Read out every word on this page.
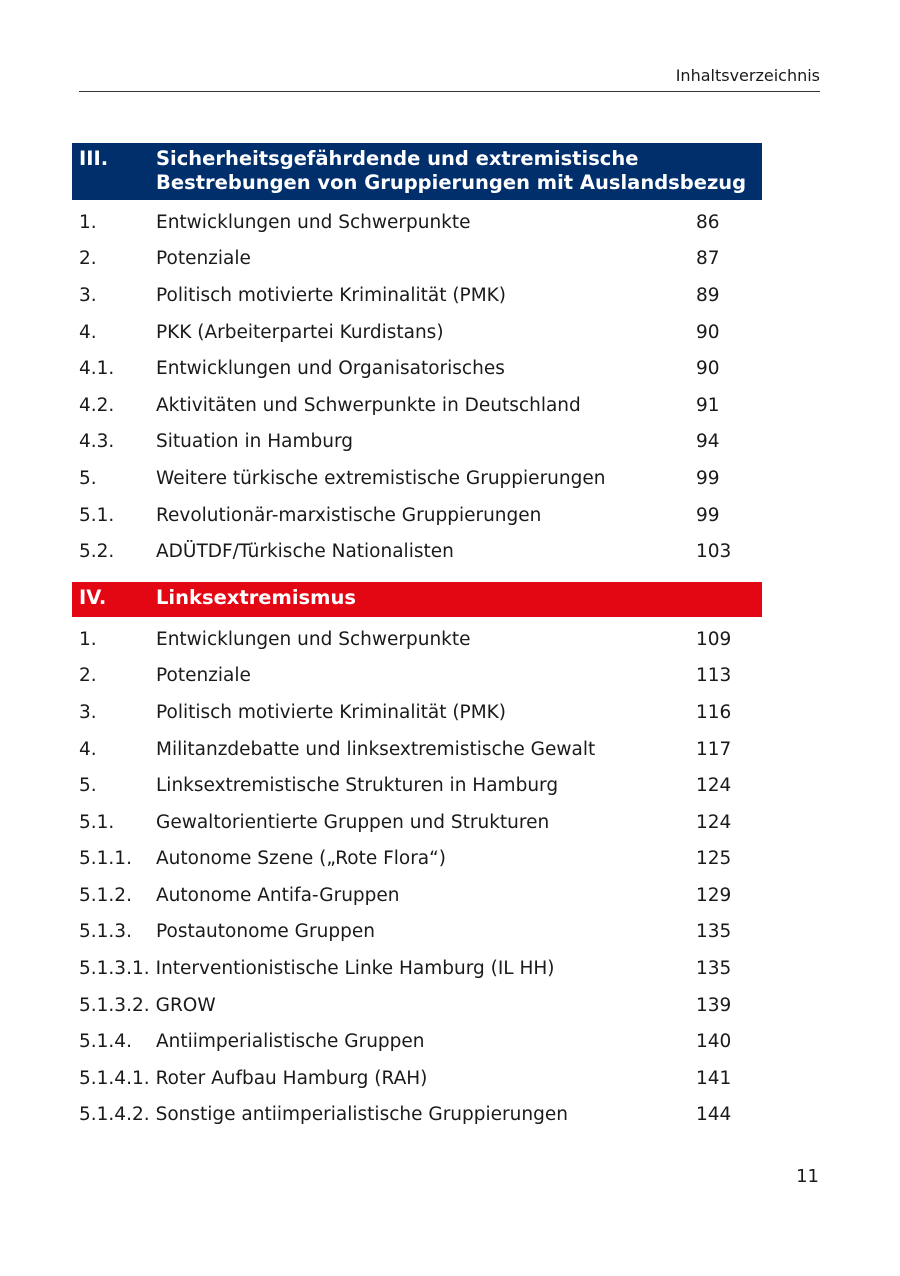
Inhaltsverzeichnis
III.	Sicherheitsgefährdende und extremistische
Bestrebungen von Gruppierungen mit Auslandsbezug
1.	Entwicklungen und Schwerpunkte	86
2.	Potenziale	87
3.	Politisch motivierte Kriminalität (PMK)	89
4.	PKK (Arbeiterpartei Kurdistans)	90
4.1.	Entwicklungen und Organisatorisches	90
4.2.	Aktivitäten und Schwerpunkte in Deutschland	91
4.3.	Situation in Hamburg	94
5.	Weitere türkische extremistische Gruppierungen	99
5.1.	Revolutionär-marxistische Gruppierungen	99
5.2.	ADÜTDF/Türkische Nationalisten	103
IV.	Linksextremismus
1.	Entwicklungen und Schwerpunkte	109
2.	Potenziale	113
3.	Politisch motivierte Kriminalität (PMK)	116
4.	Militanzdebatte und linksextremistische Gewalt	117
5.	Linksextremistische Strukturen in Hamburg	124
5.1.	Gewaltorientierte Gruppen und Strukturen	124
5.1.1.	Autonome Szene („Rote Flora“)	125
5.1.2.	Autonome Antifa-Gruppen	129
5.1.3.	Postautonome Gruppen	135
5.1.3.1. Interventionistische Linke Hamburg (IL HH)	135
5.1.3.2. GROW	139
5.1.4.	Antiimperialistische Gruppen	140
5.1.4.1. Roter Aufbau Hamburg (RAH)	141
5.1.4.2. Sonstige antiimperialistische Gruppierungen	144
11
